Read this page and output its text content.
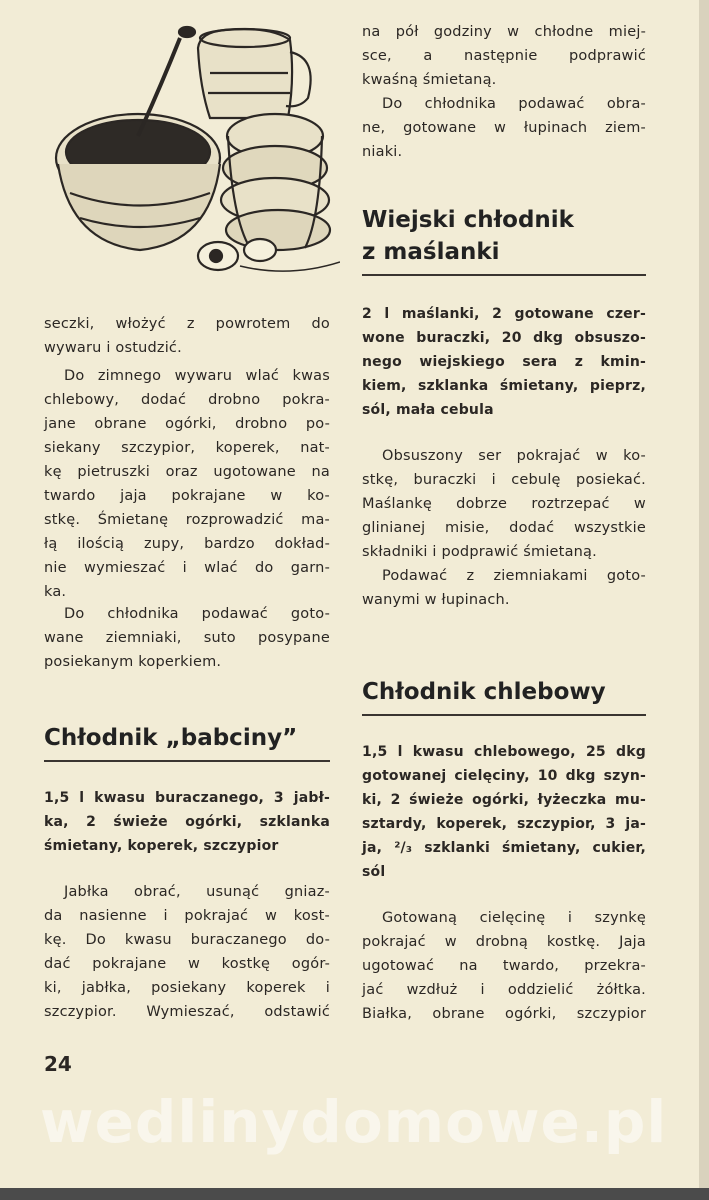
seczki, włożyć z powrotem do
wywaru i ostudzić.
Do zimnego wywaru wlać kwas
chlebowy, dodać drobno pokra-
jane obrane ogórki, drobno po-
siekany szczypior, koperek, nat-
kę pietruszki oraz ugotowane na
twardo jaja pokrajane w ko-
stkę. Śmietanę rozprowadzić ma-
łą ilością zupy, bardzo dokład-
nie wymieszać i wlać do garn-
ka.
Do chłodnika podawać goto-
wane ziemniaki, suto posypane
posiekanym koperkiem.
Chłodnik „babciny”
1,5 l kwasu buraczanego, 3 jabł-
ka, 2 świeże ogórki, szklanka
śmietany, koperek, szczypior
Jabłka obrać, usunąć gniaz-
da nasienne i pokrajać w kost-
kę. Do kwasu buraczanego do-
dać pokrajane w kostkę ogór-
ki, jabłka, posiekany koperek i
szczypior. Wymieszać, odstawić
na pół godziny w chłodne miej-
sce, a następnie podprawić
kwaśną śmietaną.
Do chłodnika podawać obra-
ne, gotowane w łupinach ziem-
niaki.
Wiejski chłodnik
z maślanki
2 l maślanki, 2 gotowane czer-
wone buraczki, 20 dkg obsuszo-
nego wiejskiego sera z kmin-
kiem, szklanka śmietany, pieprz,
sól, mała cebula
Obsuszony ser pokrajać w ko-
stkę, buraczki i cebulę posiekać.
Maślankę dobrze roztrzepać w
glinianej misie, dodać wszystkie
składniki i podprawić śmietaną.
Podawać z ziemniakami goto-
wanymi w łupinach.
Chłodnik chlebowy
1,5 l kwasu chlebowego, 25 dkg
gotowanej cielęciny, 10 dkg szyn-
ki, 2 świeże ogórki, łyżeczka mu-
sztardy, koperek, szczypior, 3 ja-
ja, ²/₃ szklanki śmietany, cukier,
sól
Gotowaną cielęcinę i szynkę
pokrajać w drobną kostkę. Jaja
ugotować na twardo, przekra-
jać wzdłuż i oddzielić żółtka.
Białka, obrane ogórki, szczypior
24
wedlinydomowe.pl
